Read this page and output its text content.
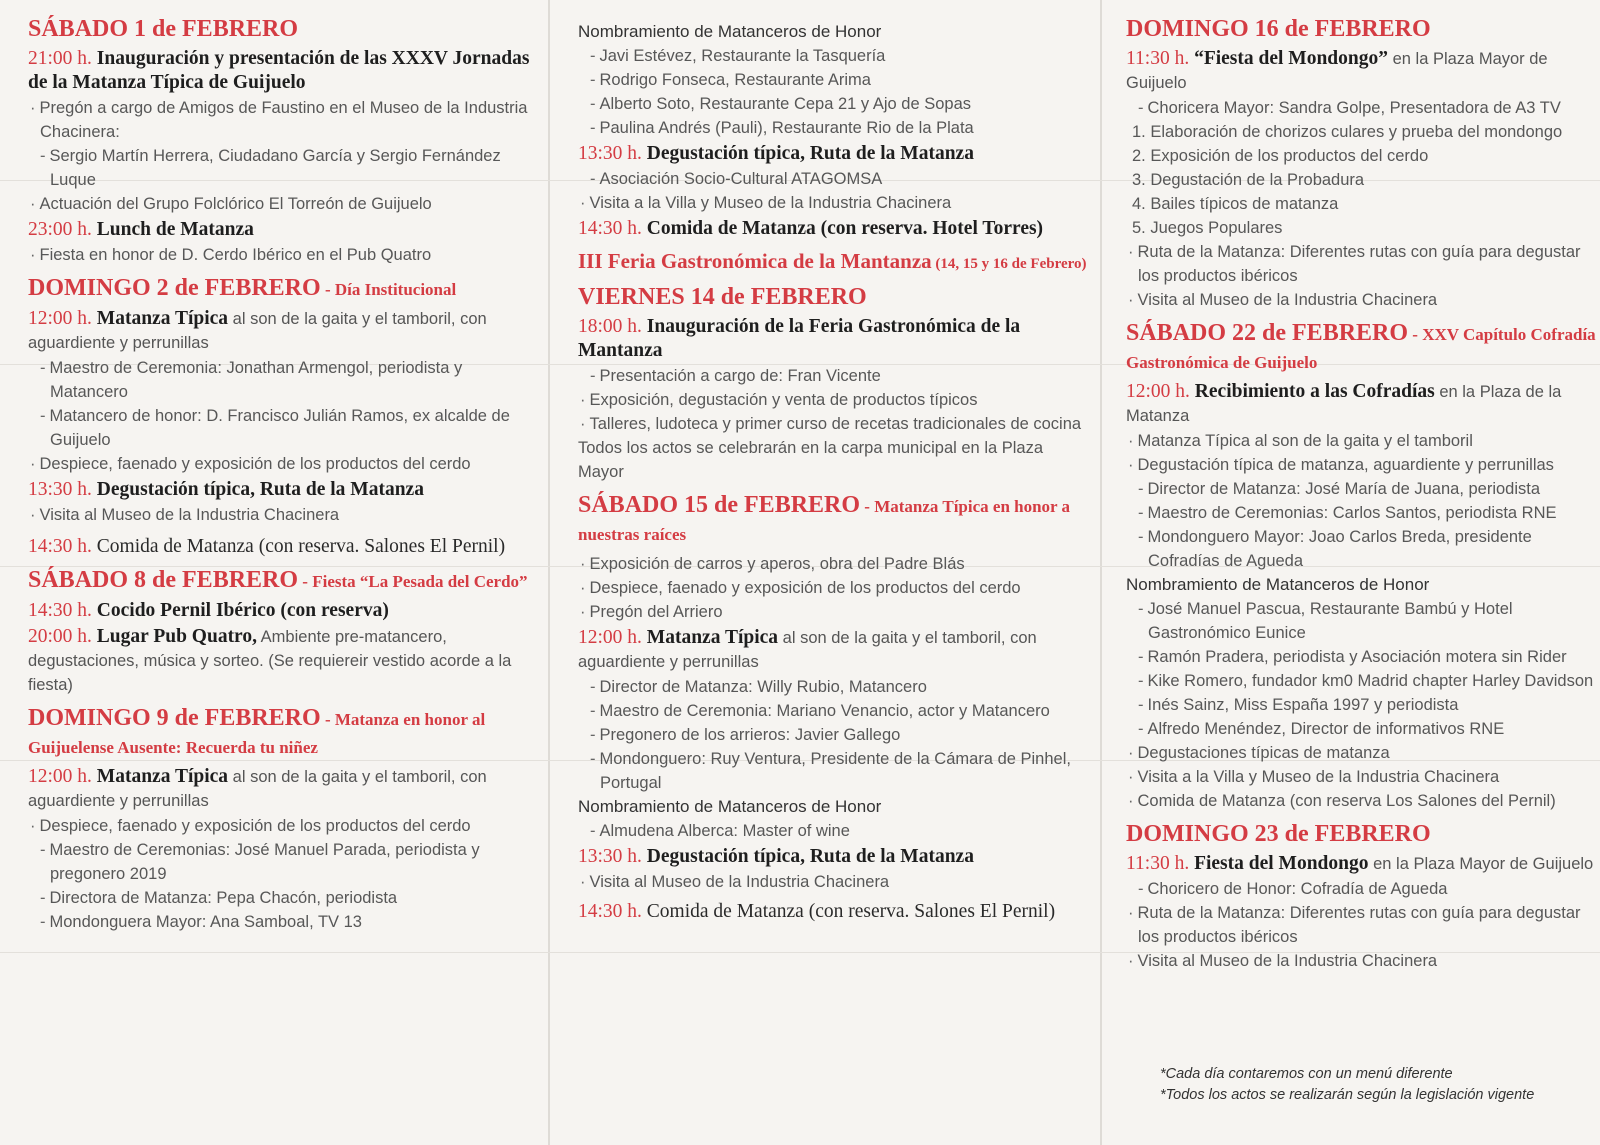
SÁBADO 1 de FEBRERO
21:00 h. Inauguración y presentación de las XXXV Jornadas de la Matanza Típica de Guijuelo

· Pregón a cargo de Amigos de Faustino en el Museo de la Industria Chacinera:

- Sergio Martín Herrera, Ciudadano García y Sergio Fernández Luque

· Actuación del Grupo Folclórico El Torreón de Guijuelo

23:00 h. Lunch de Matanza

· Fiesta en honor de D. Cerdo Ibérico en el Pub Quatro

DOMINGO 2 de FEBRERO - Día Institucional
12:00 h. Matanza Típica al son de la gaita y el tamboril, con aguardiente y perrunillas

- Maestro de Ceremonia: Jonathan Armengol, periodista y Matancero

- Matancero de honor: D. Francisco Julián Ramos, ex alcalde de Guijuelo

· Despiece, faenado y exposición de los productos del cerdo

13:30 h. Degustación típica, Ruta de la Matanza

· Visita al Museo de la Industria Chacinera

14:30 h. Comida de Matanza (con reserva. Salones El Pernil)
SÁBADO 8 de FEBRERO - Fiesta “La Pesada del Cerdo”
14:30 h. Cocido Pernil Ibérico (con reserva)
20:00 h. Lugar Pub Quatro, Ambiente pre-matancero, degustaciones, música y sorteo. (Se requiereir vestido acorde a la fiesta)
DOMINGO 9 de FEBRERO - Matanza en honor al Guijuelense Ausente: Recuerda tu niñez
12:00 h. Matanza Típica al son de la gaita y el tamboril, con aguardiente y perrunillas

· Despiece, faenado y exposición de los productos del cerdo

- Maestro de Ceremonias: José Manuel Parada, periodista y pregonero 2019

- Directora de Matanza: Pepa Chacón, periodista

- Mondonguera Mayor: Ana Samboal, TV 13

Nombramiento de Matanceros de Honor

- Javi Estévez, Restaurante la Tasquería

- Rodrigo Fonseca, Restaurante Arima

- Alberto Soto, Restaurante Cepa 21 y Ajo de Sopas

- Paulina Andrés (Pauli), Restaurante Rio de la Plata

13:30 h. Degustación típica, Ruta de la Matanza

- Asociación Socio-Cultural ATAGOMSA

· Visita a la Villa y Museo de la Industria Chacinera

14:30 h. Comida de Matanza (con reserva. Hotel Torres)
III Feria Gastronómica de la Mantanza (14, 15 y 16 de Febrero)
VIERNES 14 de FEBRERO
18:00 h. Inauguración de la Feria Gastronómica de la Mantanza

- Presentación a cargo de: Fran Vicente

· Exposición, degustación y venta de productos típicos

· Talleres, ludoteca y primer curso de recetas tradicionales de cocina

Todos los actos se celebrarán en la carpa municipal en la Plaza Mayor

SÁBADO 15 de FEBRERO - Matanza Típica en honor a nuestras raíces

· Exposición de carros y aperos, obra del Padre Blás

· Despiece, faenado y exposición de los productos del cerdo

· Pregón del Arriero

12:00 h. Matanza Típica al son de la gaita y el tamboril, con aguardiente y perrunillas

- Director de Matanza: Willy Rubio, Matancero

- Maestro de Ceremonia: Mariano Venancio, actor y Matancero

- Pregonero de los arrieros: Javier Gallego

- Mondonguero: Ruy Ventura, Presidente de la Cámara de Pinhel, Portugal

Nombramiento de Matanceros de Honor

- Almudena Alberca: Master of wine

13:30 h. Degustación típica, Ruta de la Matanza

· Visita al Museo de la Industria Chacinera

14:30 h. Comida de Matanza (con reserva. Salones El Pernil)
DOMINGO 16 de FEBRERO
11:30 h. “Fiesta del Mondongo” en la Plaza Mayor de Guijuelo

- Choricera Mayor: Sandra Golpe, Presentadora de A3 TV

1. Elaboración de chorizos culares y prueba del mondongo

2. Exposición de los productos del cerdo

3. Degustación de la Probadura

4. Bailes típicos de matanza

5. Juegos Populares

· Ruta de la Matanza: Diferentes rutas con guía para degustar los productos ibéricos

· Visita al Museo de la Industria Chacinera

SÁBADO 22 de FEBRERO - XXV Capítulo Cofradía Gastronómica de Guijuelo
12:00 h. Recibimiento a las Cofradías en la Plaza de la Matanza

· Matanza Típica al son de la gaita y el tamboril

· Degustación típica de matanza, aguardiente y perrunillas

- Director de Matanza: José María de Juana, periodista

- Maestro de Ceremonias: Carlos Santos, periodista RNE

- Mondonguero Mayor: Joao Carlos Breda, presidente Cofradías de Agueda

Nombramiento de Matanceros de Honor

- José Manuel Pascua, Restaurante Bambú y Hotel Gastronómico Eunice

- Ramón Pradera, periodista y Asociación motera sin Rider

- Kike Romero, fundador km0 Madrid chapter Harley Davidson

- Inés Sainz, Miss España 1997 y periodista

- Alfredo Menéndez, Director de informativos RNE

· Degustaciones típicas de matanza

· Visita a la Villa y Museo de la Industria Chacinera

· Comida de Matanza (con reserva Los Salones del Pernil)

DOMINGO 23 de FEBRERO
11:30 h. Fiesta del Mondongo en la Plaza Mayor de Guijuelo

- Choricero de Honor: Cofradía de Agueda

· Ruta de la Matanza: Diferentes rutas con guía para degustar los productos ibéricos

· Visita al Museo de la Industria Chacinera

*Cada día contaremos con un menú diferente

*Todos los actos se realizarán según la legislación vigente
